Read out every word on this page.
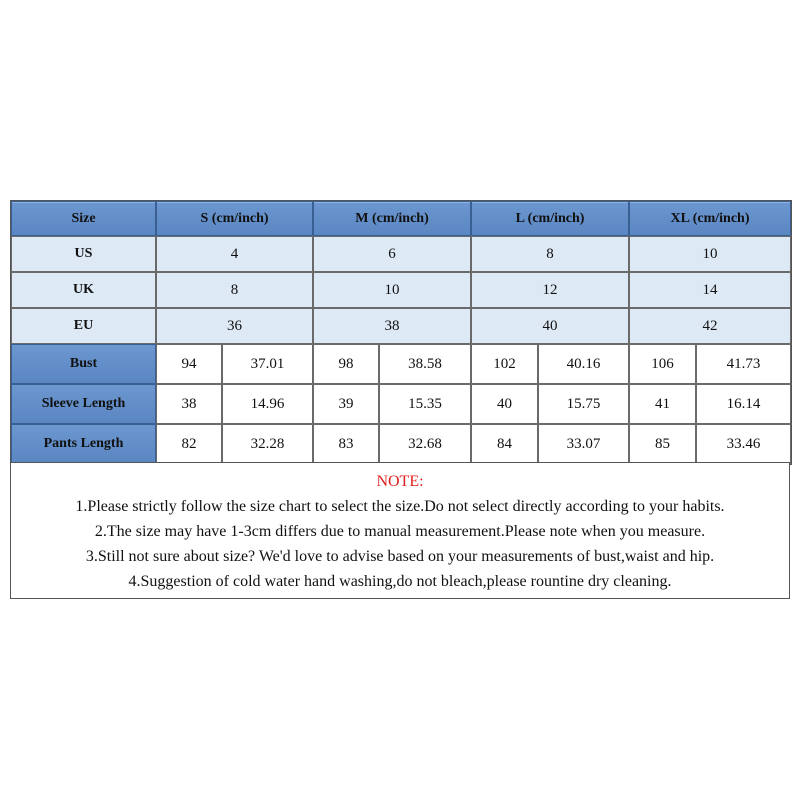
Size	S (cm/inch)		M (cm/inch)		L (cm/inch)		XL (cm/inch)	
US	4		6		8		10	
UK	8		10		12		14	
EU	36		38		40		42	
Bust	94	37.01	98	38.58	102	40.16	106	41.73
Sleeve Length	38	14.96	39	15.35	40	15.75	41	16.14
Pants Length	82	32.28	83	32.68	84	33.07	85	33.46
NOTE:
1.Please strictly follow the size chart to select the size.Do not select directly according to your habits.
2.The size may have 1-3cm differs due to manual measurement.Please note when you measure.
3.Still not sure about size? We'd love to advise based on your measurements of bust,waist and hip.
4.Suggestion of cold water hand washing,do not bleach,please rountine dry cleaning.
